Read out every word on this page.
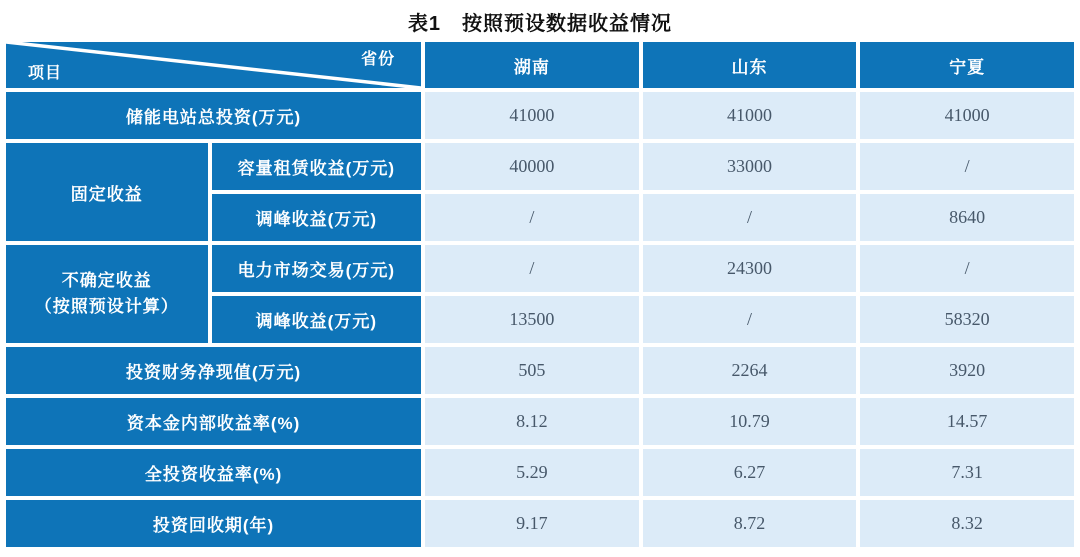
表1　按照预设数据收益情况
省份
项目		湖南	山东	宁夏
储能电站总投资(万元)		41000	41000	41000
固定收益	容量租赁收益(万元)	40000	33000	/
	调峰收益(万元)	/	/	8640

不确定收益
（按照预设计算）	电力市场交易(万元)	/	24300	/
	调峰收益(万元)	13500	/	58320
投资财务净现值(万元)		505	2264	3920
资本金内部收益率(%)		8.12	10.79	14.57
全投资收益率(%)		5.29	6.27	7.31
投资回收期(年)		9.17	8.72	8.32
